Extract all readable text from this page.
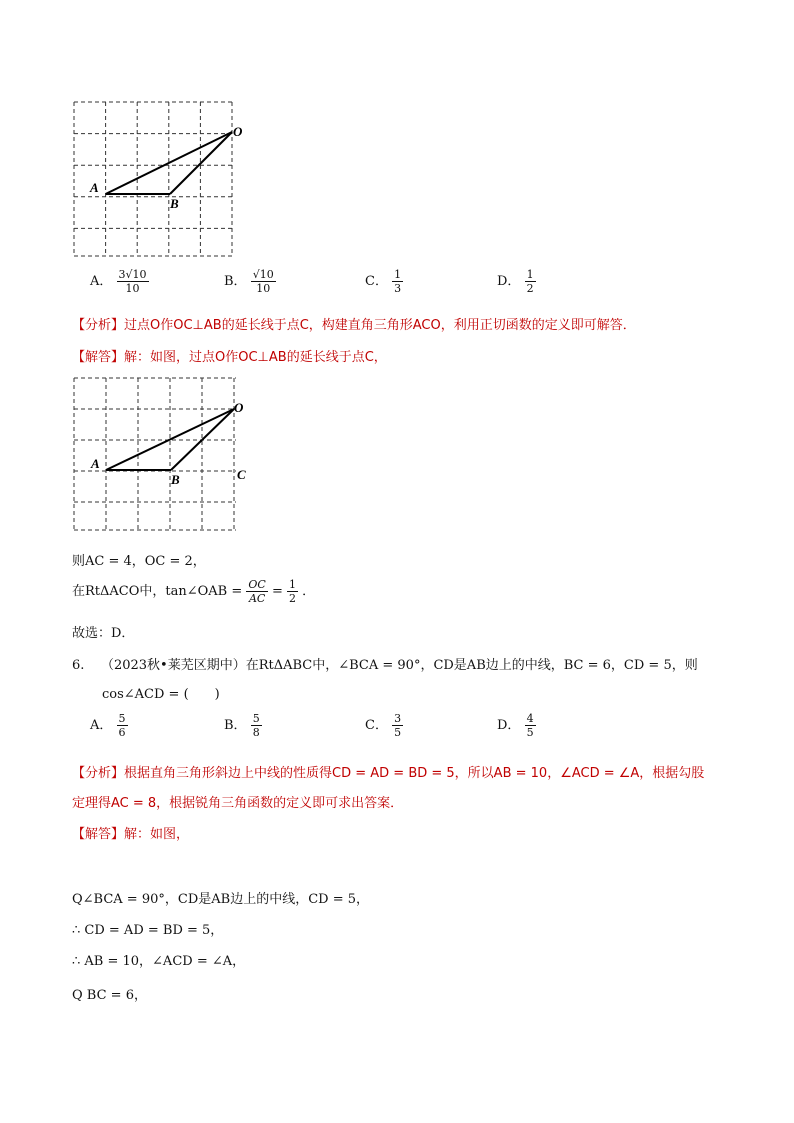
A
B
O
A． $\frac{3√10}{10}$	B． $\frac{√10}{10}$	C． $\frac{1}{3}$	D． $\frac{1}{2}$
【分析】过点O作OC⊥AB的延长线于点C，构建直角三角形ACO，利用正切函数的定义即可解答．
【解答】解：如图，过点O作OC⊥AB的延长线于点C，
A
B
O
C
则AC = 4，OC = 2，
在RtΔACO中，tan∠OAB = $\frac{OC}{AC} = \frac{1}{2}$ ．
故选：D．
6. （2023秋•莱芜区期中）在RtΔABC中，∠BCA = 90°，CD是AB边上的中线，BC = 6，CD = 5，则
cos∠ACD = (　　)
A． $\frac{5}{6}$	B． $\frac{5}{8}$	C． $\frac{3}{5}$	D． $\frac{4}{5}$
【分析】根据直角三角形斜边上中线的性质得CD = AD = BD = 5，所以AB = 10，∠ACD = ∠A，根据勾股
定理得AC = 8，根据锐角三角函数的定义即可求出答案．
【解答】解：如图，
Q∠BCA = 90°，CD是AB边上的中线，CD = 5，
∴ CD = AD = BD = 5，
∴ AB = 10，∠ACD = ∠A，
Q BC = 6，
